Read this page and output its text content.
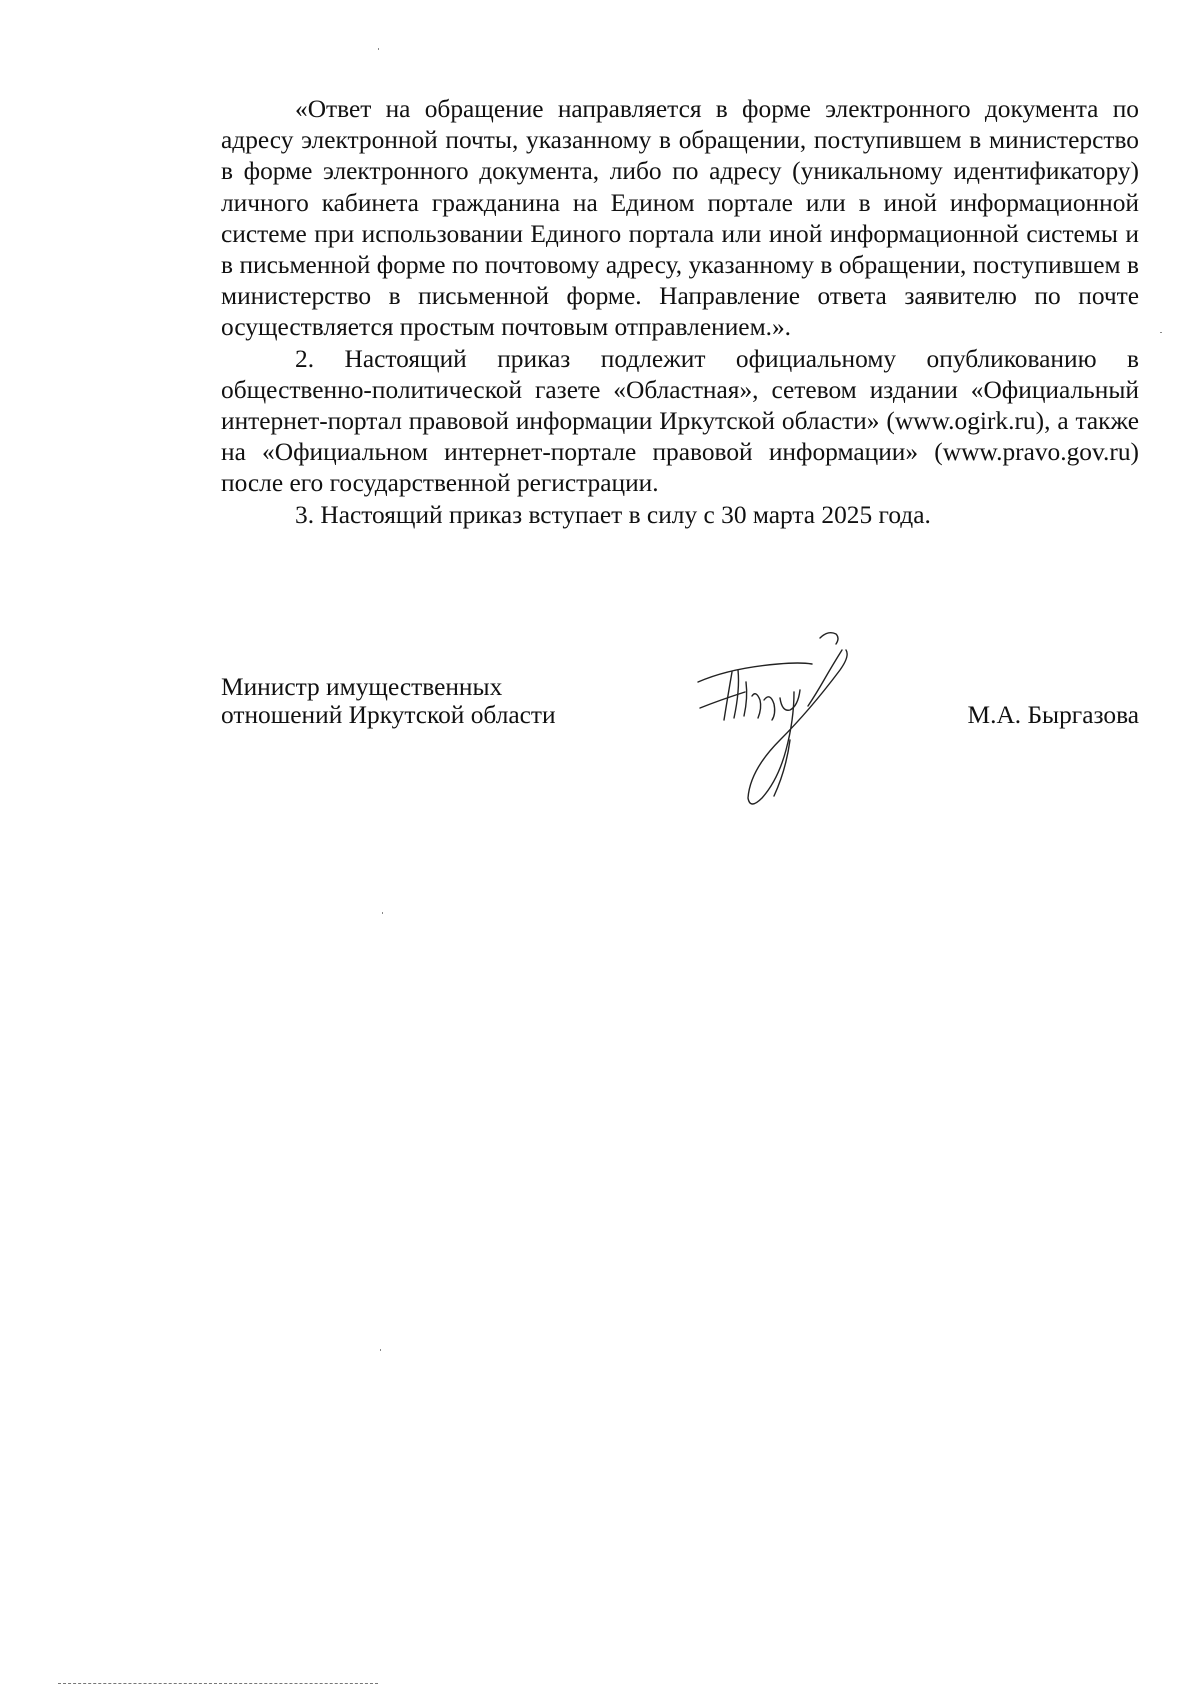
«Ответ на обращение направляется в форме электронного документа по адресу электронной почты, указанному в обращении, поступившем в министерство в форме электронного документа, либо по адресу (уникальному идентификатору) личного кабинета гражданина на Едином портале или в иной информационной системе при использовании Единого портала или иной информационной системы и в письменной форме по почтовому адресу, указанному в обращении, поступившем в министерство в письменной форме. Направление ответа заявителю по почте осуществляется простым почтовым отправлением.».

2. Настоящий приказ подлежит официальному опубликованию в общественно-политической газете «Областная», сетевом издании «Официальный интернет-портал правовой информации Иркутской области» (www.ogirk.ru), а также на «Официальном интернет-портале правовой информации» (www.pravo.gov.ru) после его государственной регистрации.

3. Настоящий приказ вступает в силу с 30 марта 2025 года.

Министр имущественных
отношений Иркутской области	М.А. Быргазова
